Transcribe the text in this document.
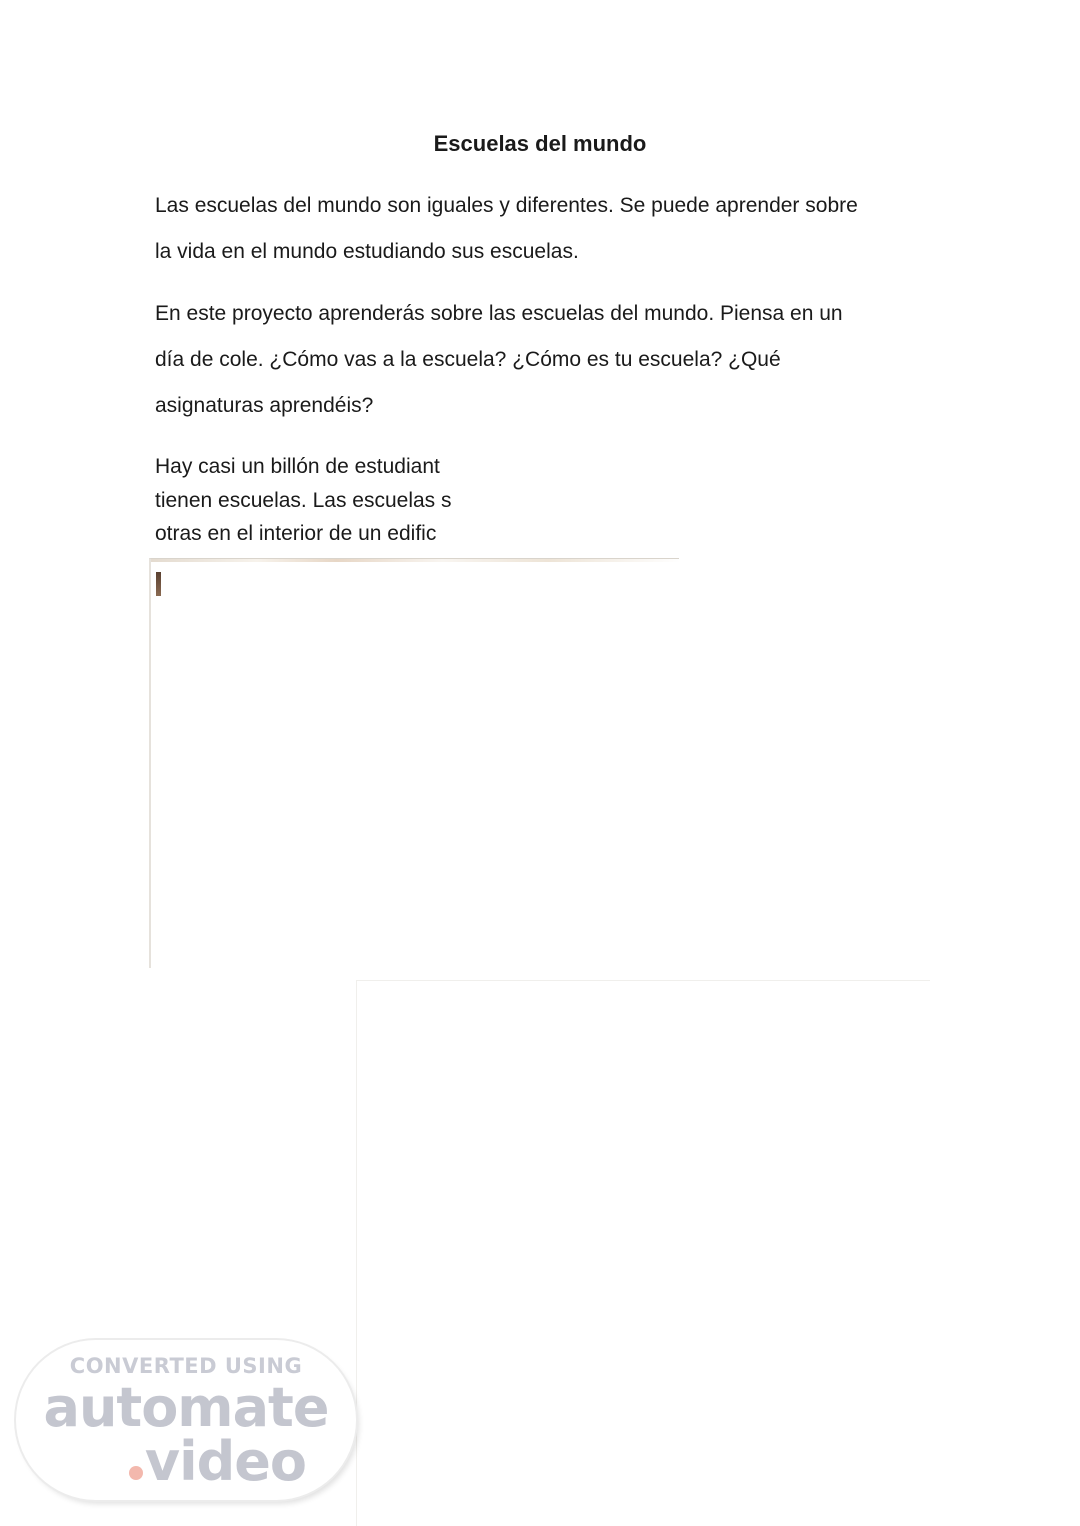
Escuelas del mundo

Las escuelas del mundo son iguales y diferentes. Se puede aprender sobre
la vida en el mundo estudiando sus escuelas.

En este proyecto aprenderás sobre las escuelas del mundo. Piensa en un
día de cole. ¿Cómo vas a la escuela? ¿Cómo es tu escuela? ¿Qué
asignaturas aprendéis?

Hay casi un billón de estudiant
tienen escuelas. Las escuelas s
otras en el interior de un edific

CONVERTED USING
automate
video
